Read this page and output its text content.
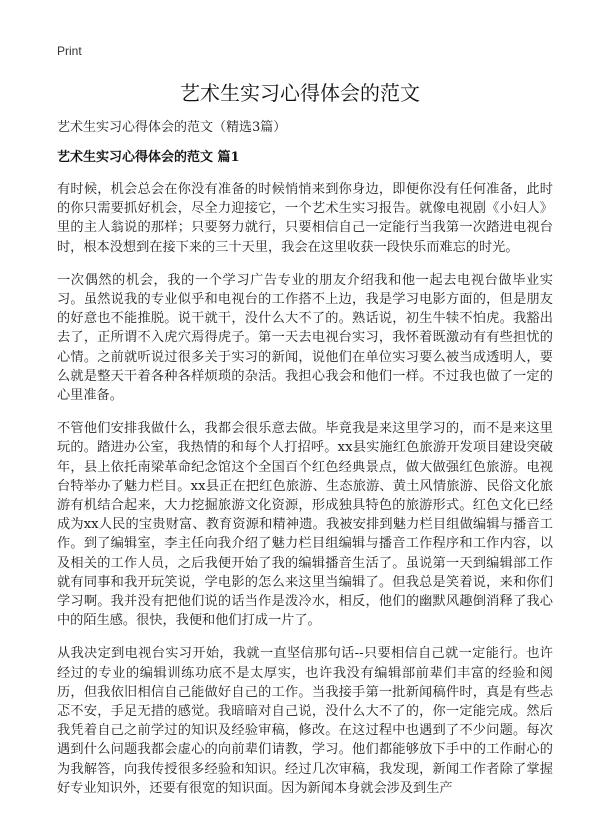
Print
艺术生实习心得体会的范文
艺术生实习心得体会的范文（精选3篇）
艺术生实习心得体会的范文 篇1

有时候，机会总会在你没有准备的时候悄悄来到你身边，即便你没有任何准备，此时的你只需要抓好机会，尽全力迎接它，一个艺术生实习报告。就像电视剧《小妇人》里的主人翁说的那样；只要努力就行，只要相信自己一定能行当我第一次踏进电视台时，根本没想到在接下来的三十天里，我会在这里收获一段快乐而难忘的时光。

一次偶然的机会，我的一个学习广告专业的朋友介绍我和他一起去电视台做毕业实习。虽然说我的专业似乎和电视台的工作搭不上边，我是学习电影方面的，但是朋友的好意也不能推脱。说干就干，没什么大不了的。熟话说，初生牛犊不怕虎。我豁出去了，正所谓不入虎穴焉得虎子。第一天去电视台实习，我怀着既激动有有些担忧的心情。之前就听说过很多关于实习的新闻，说他们在单位实习要么被当成透明人，要么就是整天干着各种各样烦琐的杂活。我担心我会和他们一样。不过我也做了一定的心里准备。

不管他们安排我做什么，我都会很乐意去做。毕竟我是来这里学习的，而不是来这里玩的。踏进办公室，我热情的和每个人打招呼。xx县实施红色旅游开发项目建设突破年，县上依托南梁革命纪念馆这个全国百个红色经典景点，做大做强红色旅游。电视台特举办了魅力栏目。xx县正在把红色旅游、生态旅游、黄土风情旅游、民俗文化旅游有机结合起来，大力挖掘旅游文化资源，形成独具特色的旅游形式。红色文化已经成为xx人民的宝贵财富、教育资源和精神遗。我被安排到魅力栏目组做编辑与播音工作。到了编辑室，李主任向我介绍了魅力栏目组编辑与播音工作程序和工作内容，以及相关的工作人员，之后我便开始了我的编辑播音生活了。虽说第一天到编辑部工作就有同事和我开玩笑说，学电影的怎么来这里当编辑了。但我总是笑着说，来和你们学习啊。我并没有把他们说的话当作是泼冷水，相反，他们的幽默风趣倒消释了我心中的陌生感。很快，我便和他们打成一片了。

从我决定到电视台实习开始，我就一直坚信那句话--只要相信自己就一定能行。也许经过的专业的编辑训练功底不是太厚实，也许我没有编辑部前辈们丰富的经验和阅历，但我依旧相信自己能做好自己的工作。当我接手第一批新闻稿件时，真是有些忐忑不安，手足无措的感觉。我暗暗对自己说，没什么大不了的，你一定能完成。然后我凭着自己之前学过的知识及经验审稿，修改。在这过程中也遇到了不少问题。每次遇到什么问题我都会虚心的向前辈们请教，学习。他们都能够放下手中的工作耐心的为我解答，向我传授很多经验和知识。经过几次审稿，我发现，新闻工作者除了掌握好专业知识外，还要有很宽的知识面。因为新闻本身就会涉及到生产
